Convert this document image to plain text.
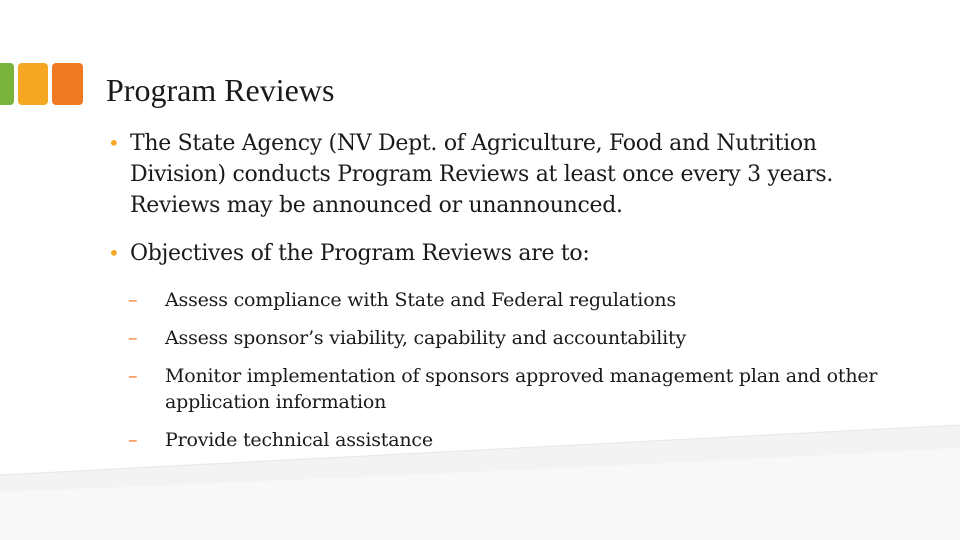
Program Reviews

• The State Agency (NV Dept. of Agriculture, Food and Nutrition Division) conducts Program Reviews at least once every 3 years. Reviews may be announced or unannounced.

• Objectives of the Program Reviews are to:

– Assess compliance with State and Federal regulations

– Assess sponsor’s viability, capability and accountability

– Monitor implementation of sponsors approved management plan and other application information

– Provide technical assistance
